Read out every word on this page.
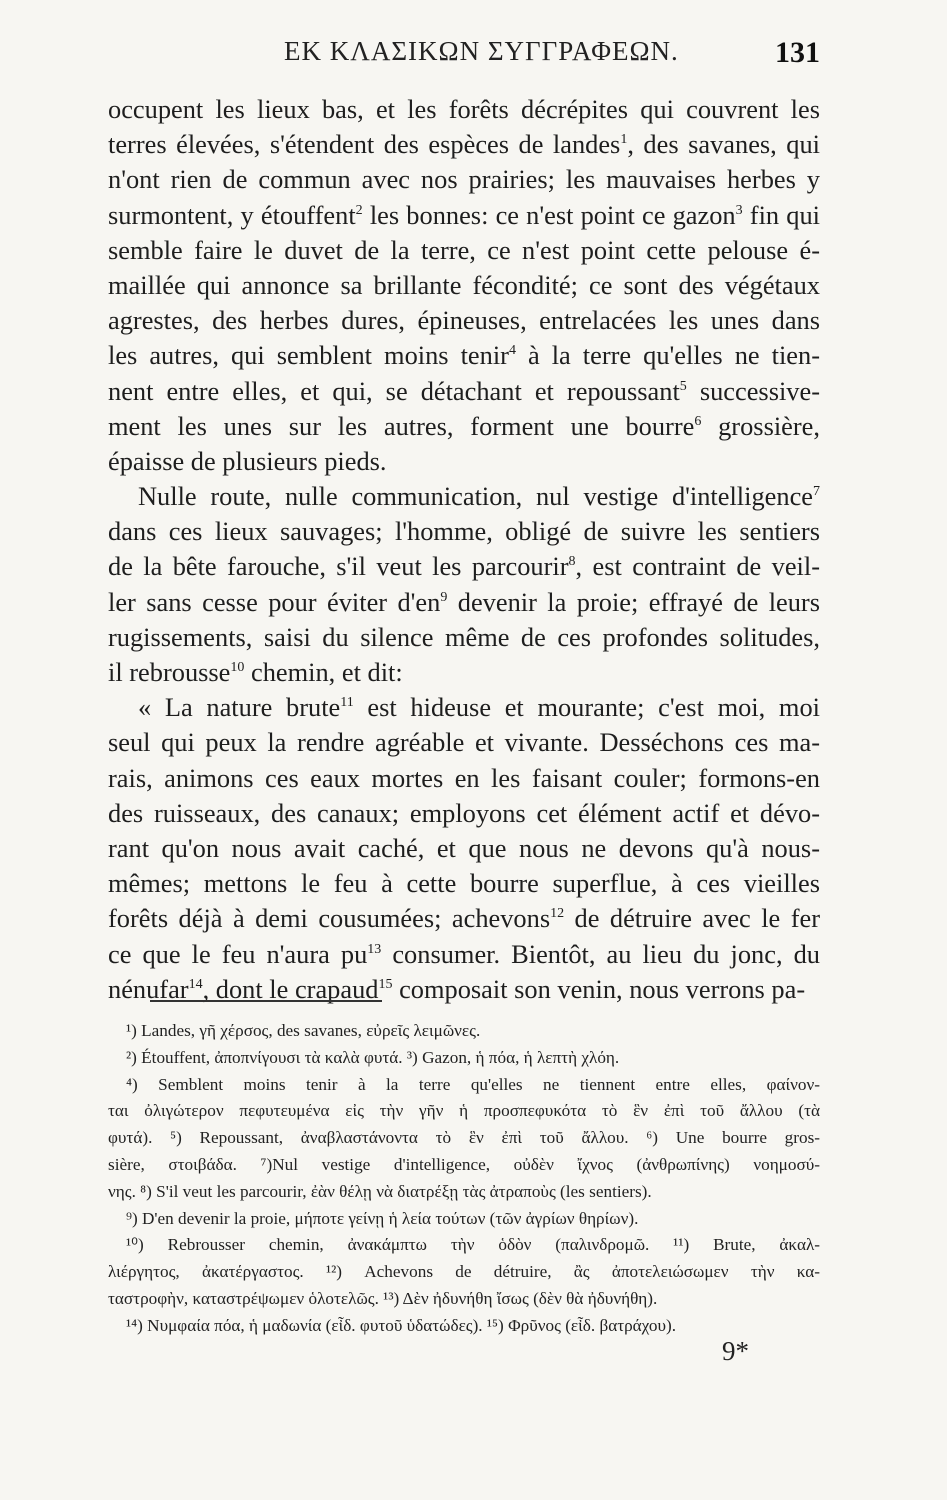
ΕΚ ΚΛΑΣΙΚΩΝ ΣΥΓΓΡΑΦΕΩΝ.	131
occupent les lieux bas, et les forêts décrépites qui couvrent les
terres élevées, s'étendent des espèces de landes$^1$, des savanes, qui
n'ont rien de commun avec nos prairies; les mauvaises herbes y
surmontent, y étouffent$^2$ les bonnes: ce n'est point ce gazon$^3$ fin qui
semble faire le duvet de la terre, ce n'est point cette pelouse é-
maillée qui annonce sa brillante fécondité; ce sont des végétaux
agrestes, des herbes dures, épineuses, entrelacées les unes dans
les autres, qui semblent moins tenir$^4$ à la terre qu'elles ne tien-
nent entre elles, et qui, se détachant et repoussant$^5$ successive-
ment les unes sur les autres, forment une bourre$^6$ grossière,
épaisse de plusieurs pieds.
Nulle route, nulle communication, nul vestige d'intelligence$^7$
dans ces lieux sauvages; l'homme, obligé de suivre les sentiers
de la bête farouche, s'il veut les parcourir$^8$, est contraint de veil-
ler sans cesse pour éviter $d'en^9$ devenir la proie; effrayé de leurs
rugissements, saisi du silence même de ces profondes solitudes,
il rebrousse$^{10}$ chemin, et dit:
« La nature brute$^{11}$ est hideuse et mourante; c'est moi, moi
seul qui peux la rendre agréable et vivante. Desséchons ces ma-
rais, animons ces eaux mortes en les faisant couler; formons-en
des ruisseaux, des canaux; employons cet élément actif et dévo-
rant qu'on nous avait caché, et que nous ne devons qu'à nous-
mêmes; mettons le feu à cette bourre superflue, à ces vieilles
forêts déjà à demi cousumées; achevons$^{12}$ de détruire avec le fer
ce que le feu n'aura $pu^{13}$ consumer. Bientôt, au lieu du jonc, du
nénufar$^{14}$, dont le crapaud$^{15}$ composait son venin, nous verrons pa-
¹) Landes, γῆ χέρσος, des savanes, εὐρεῖς λειμῶνες.
²) Étouffent, ἀποπνίγουσι τὰ καλὰ φυτά. ³) Gazon, ἡ πόα, ἡ λεπτὴ χλόη.
⁴) Semblent moins tenir à la terre qu'elles ne tiennent entre elles, φαίνον-
ται ὀλιγώτερον πεφυτευμένα εἰς τὴν γῆν ἡ προσπεφυκότα τὸ ἓν ἐπὶ τοῦ ἄλλου (τὰ
φυτά). ⁵) Repoussant, ἀναβλαστάνοντα τὸ ἓν ἐπὶ τοῦ ἄλλου. ⁶) Une bourre gros-
sière, στοιβάδα. ⁷)Nul vestige d'intelligence, οὐδὲν ἴχνος (ἀνθρωπίνης) νοημοσύ-
νης. ⁸) S'il veut les parcourir, ἐὰν θέλῃ νὰ διατρέξῃ τὰς ἀτραποὺς (les sentiers).
⁹) D'en devenir la proie, μήποτε γείνῃ ἡ λεία τούτων (τῶν ἀγρίων θηρίων).
¹⁰) Rebrousser chemin, ἀνακάμπτω τὴν ὁδὸν (παλινδρομῶ. ¹¹) Brute, ἀκαλ-
λιέργητος, ἀκατέργαστος. ¹²) Achevons de détruire, ἂς ἀποτελειώσωμεν τὴν κα-
ταστροφὴν, καταστρέψωμεν ὁλοτελῶς. ¹³) Δὲν ἠδυνήθη ἴσως (δὲν θὰ ἠδυνήθη).
¹⁴) Νυμφαία πόα, ἡ μαδωνία (εἶδ. φυτοῦ ὑδατώδες). ¹⁵) Φρῦνος (εἶδ. βατράχου).
9*
